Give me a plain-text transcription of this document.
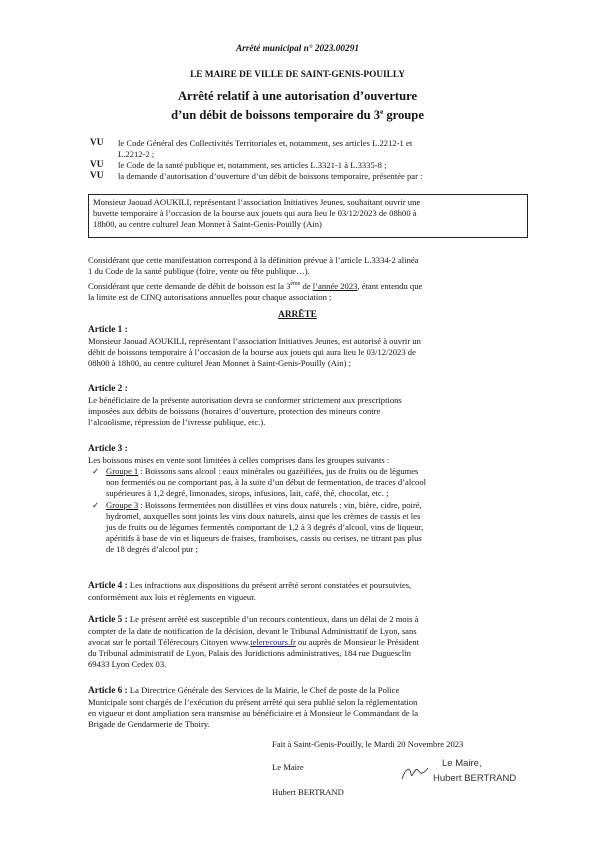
Arrêté municipal n° 2023.00291
LE MAIRE DE VILLE DE SAINT-GENIS-POUILLY
Arrêté relatif à une autorisation d’ouverture
d’un débit de boissons temporaire du 3e groupe
VU	le Code Général des Collectivités Territoriales et, notamment, ses articles L.2212-1 et
L.2212-2 ;
VU	le Code de la santé publique et, notamment, ses articles L.3321-1 à L.3335-8 ;
VU	la demande d’autorisation d’ouverture d’un débit de boissons temporaire, présentée par :
Monsieur Jaouad AOUKILI, représentant l’association Initiatives Jeunes, souhaitant ouvrir une
buvette temporaire à l’occasion de la bourse aux jouets qui aura lieu le 03/12/2023 de 08h00 à
18h00, au centre culturel Jean Monnet à Saint-Genis-Pouilly (Ain)
Considérant que cette manifestation correspond à la définition prévue à l’article L.3334-2 alinéa
1 du Code de la santé publique (foire, vente ou fête publique…).
Considérant que cette demande de débit de boisson est la 3ème de l’année 2023, étant entendu que
la limite est de CINQ autorisations annuelles pour chaque association ;
ARRÊTE
Article 1 :
Monsieur Jaouad AOUKILI, représentant l’association Initiatives Jeunes, est autorisé à ouvrir un
débit de boissons temporaire à l’occasion de la bourse aux jouets qui aura lieu le 03/12/2023 de
08h00 à 18h00, au centre culturel Jean Monnet à Saint-Genis-Pouilly (Ain) ;
Article 2 :
Le bénéficiaire de la présente autorisation devra se conformer strictement aux prescriptions
imposées aux débits de boissons (horaires d’ouverture, protection des mineurs contre
l’alcoolisme, répression de l’ivresse publique, etc.).
Article 3 :
Les boissons mises en vente sont limitées à celles comprises dans les groupes suivants :
✓ Groupe 1 : Boissons sans alcool : eaux minérales ou gazéifiées, jus de fruits ou de légumes
non fermentés ou ne comportant pas, à la suite d’un début de fermentation, de traces d’alcool
supérieures à 1,2 degré, limonades, sirops, infusions, lait, café, thé, chocolat, etc. ;
✓ Groupe 3 : Boissons fermentées non distillées et vins doux naturels : vin, bière, cidre, poiré,
hydromel, auxquelles sont joints les vins doux naturels, ainsi que les crèmes de cassis et les
jus de fruits ou de légumes fermentés comportant de 1,2 à 3 degrés d’alcool, vins de liqueur,
apéritifs à base de vin et liqueurs de fraises, framboises, cassis ou cerises, ne titrant pas plus
de 18 degrés d’alcool pur ;
Article 4 : Les infractions aux dispositions du présent arrêté seront constatées et poursuivies,
conformément aux lois et règlements en vigueur.
Article 5 : Le présent arrêté est susceptible d’un recours contentieux, dans un délai de 2 mois à
compter de la date de notification de la décision, devant le Tribunal Administratif de Lyon, sans
avocat sur le portail Télérecours Citoyen www.telerecours.fr ou auprès de Monsieur le Président
du Tribunal administratif de Lyon, Palais des Juridictions administratives, 184 rue Duguesclin
69433 Lyon Cedex 03.
Article 6 : La Directrice Générale des Services de la Mairie, le Chef de poste de la Police
Municipale sont chargés de l’exécution du présent arrêté qui sera publié selon la réglementation
en vigueur et dont ampliation sera transmise au bénéficiaire et à Monsieur le Commandant de la
Brigade de Gendarmerie de Thoiry.
Fait à Saint-Genis-Pouilly, le Mardi 20 Novembre 2023
Le Maire
Hubert BERTRAND
Le Maire,
Hubert BERTRAND
